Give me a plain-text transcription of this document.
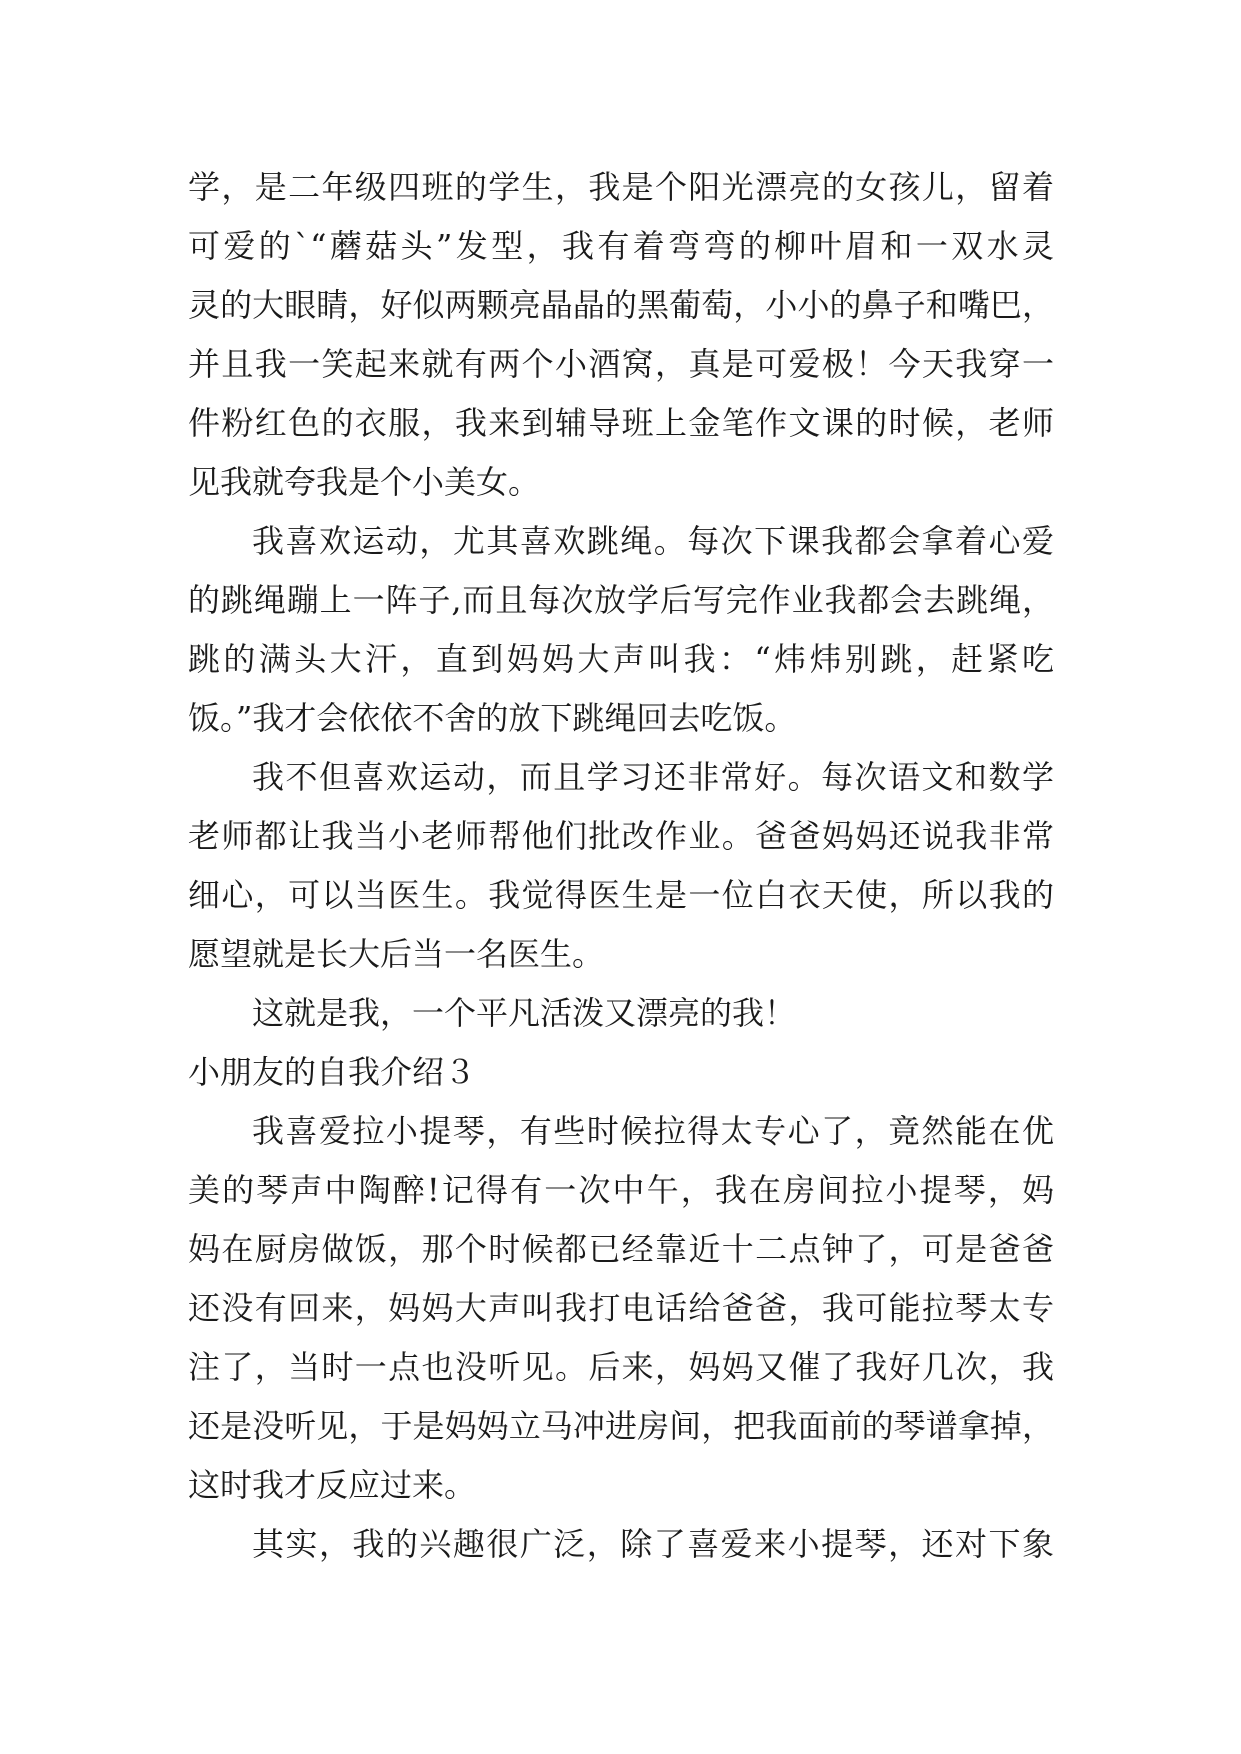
学，是二年级四班的学生，我是个阳光漂亮的女孩儿，留着
可爱的`“蘑菇头”发型，我有着弯弯的柳叶眉和一双水灵
灵的大眼睛，好似两颗亮晶晶的黑葡萄，小小的鼻子和嘴巴，
并且我一笑起来就有两个小酒窝，真是可爱极！今天我穿一
件粉红色的衣服，我来到辅导班上金笔作文课的时候，老师
见我就夸我是个小美女。
我喜欢运动，尤其喜欢跳绳。每次下课我都会拿着心爱
的跳绳蹦上一阵子,而且每次放学后写完作业我都会去跳绳，
跳的满头大汗，直到妈妈大声叫我：“炜炜别跳，赶紧吃
饭。”我才会依依不舍的放下跳绳回去吃饭。
我不但喜欢运动，而且学习还非常好。每次语文和数学
老师都让我当小老师帮他们批改作业。爸爸妈妈还说我非常
细心，可以当医生。我觉得医生是一位白衣天使，所以我的
愿望就是长大后当一名医生。
这就是我，一个平凡活泼又漂亮的我！
小朋友的自我介绍３
我喜爱拉小提琴，有些时候拉得太专心了，竟然能在优
美的琴声中陶醉!记得有一次中午，我在房间拉小提琴，妈
妈在厨房做饭，那个时候都已经靠近十二点钟了，可是爸爸
还没有回来，妈妈大声叫我打电话给爸爸，我可能拉琴太专
注了，当时一点也没听见。后来，妈妈又催了我好几次，我
还是没听见，于是妈妈立马冲进房间，把我面前的琴谱拿掉，
这时我才反应过来。
其实，我的兴趣很广泛，除了喜爱来小提琴，还对下象
